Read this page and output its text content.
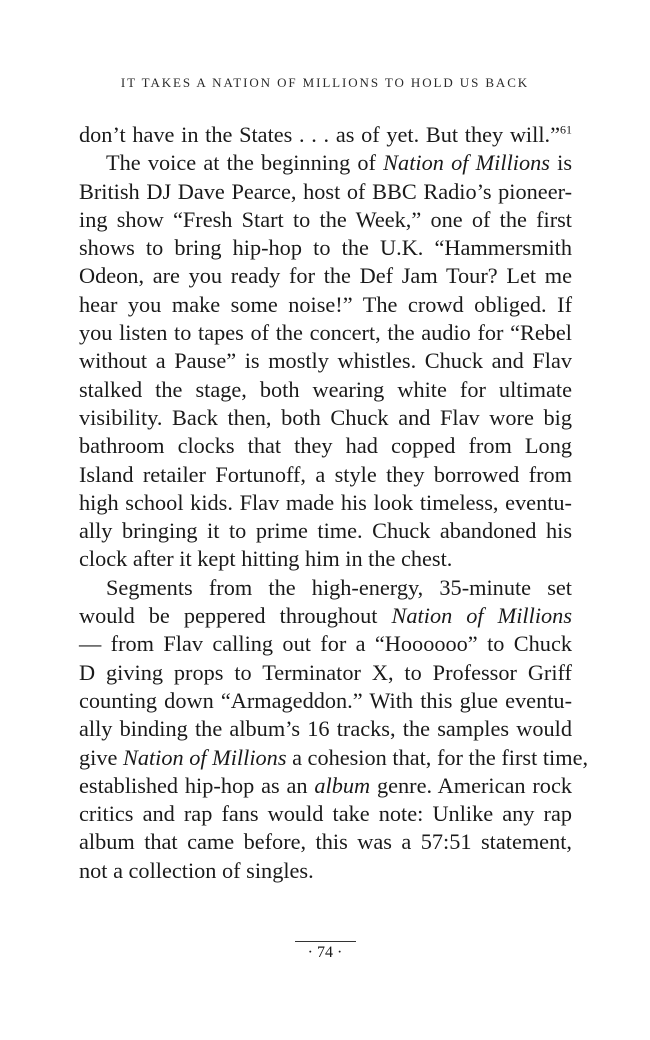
IT TAKES A NATION OF MILLIONS TO HOLD US BACK
don’t have in the States . . . as of yet. But they will.”$^{61}$
The voice at the beginning of Nation of Millions is
British DJ Dave Pearce, host of BBC Radio’s pioneer-
ing show “Fresh Start to the Week,” one of the first
shows to bring hip-hop to the U.K. “Hammersmith
Odeon, are you ready for the Def Jam Tour? Let me
hear you make some noise!” The crowd obliged. If
you listen to tapes of the concert, the audio for “Rebel
without a Pause” is mostly whistles. Chuck and Flav
stalked the stage, both wearing white for ultimate
visibility. Back then, both Chuck and Flav wore big
bathroom clocks that they had copped from Long
Island retailer Fortunoff, a style they borrowed from
high school kids. Flav made his look timeless, eventu-
ally bringing it to prime time. Chuck abandoned his
clock after it kept hitting him in the chest.
Segments from the high-energy, 35-minute set
would be peppered throughout Nation of Millions
— from Flav calling out for a “Hoooooo” to Chuck
D giving props to Terminator X, to Professor Griff
counting down “Armageddon.” With this glue eventu-
ally binding the album’s 16 tracks, the samples would
give Nation of Millions a cohesion that, for the first time,
established hip-hop as an album genre. American rock
critics and rap fans would take note: Unlike any rap
album that came before, this was a 57:51 statement,
not a collection of singles.
· 74 ·
